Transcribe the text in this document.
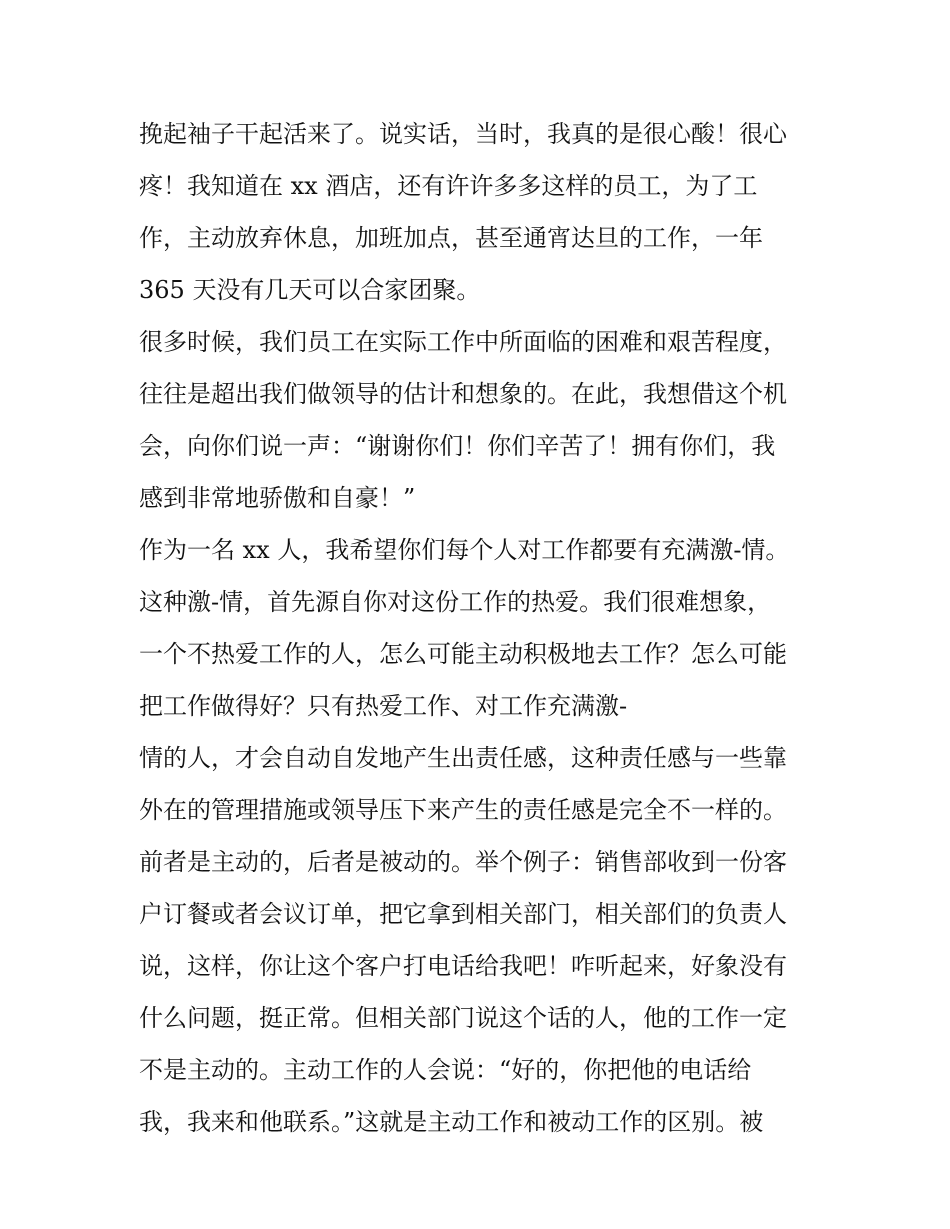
挽起袖子干起活来了。说实话，当时，我真的是很心酸！很心
疼！我知道在 xx 酒店，还有许许多多这样的员工，为了工
作，主动放弃休息，加班加点，甚至通宵达旦的工作，一年
365 天没有几天可以合家团聚。
很多时候，我们员工在实际工作中所面临的困难和艰苦程度，
往往是超出我们做领导的估计和想象的。在此，我想借这个机
会，向你们说一声：“谢谢你们！你们辛苦了！拥有你们，我
感到非常地骄傲和自豪！”
作为一名 xx 人，我希望你们每个人对工作都要有充满激-情。
这种激-情，首先源自你对这份工作的热爱。我们很难想象，
一个不热爱工作的人，怎么可能主动积极地去工作？怎么可能
把工作做得好？只有热爱工作、对工作充满激-
情的人，才会自动自发地产生出责任感，这种责任感与一些靠
外在的管理措施或领导压下来产生的责任感是完全不一样的。
前者是主动的，后者是被动的。举个例子：销售部收到一份客
户订餐或者会议订单，把它拿到相关部门，相关部们的负责人
说，这样，你让这个客户打电话给我吧！咋听起来，好象没有
什么问题，挺正常。但相关部门说这个话的人，他的工作一定
不是主动的。主动工作的人会说：“好的，你把他的电话给
我，我来和他联系。”这就是主动工作和被动工作的区别。被
